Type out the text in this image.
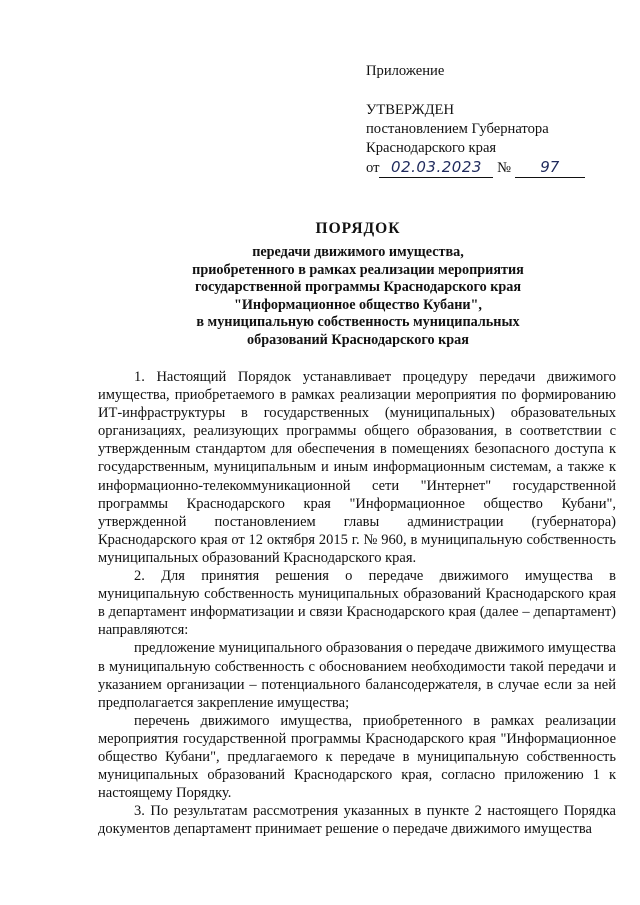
Приложение
УТВЕРЖДЕН
постановлением Губернатора
Краснодарского края
от 02.03.2023 № 97
ПОРЯДОК
передачи движимого имущества,
приобретенного в рамках реализации мероприятия
государственной программы Краснодарского края
"Информационное общество Кубани",
в муниципальную собственность муниципальных
образований Краснодарского края

1. Настоящий Порядок устанавливает процедуру передачи движимого имущества, приобретаемого в рамках реализации мероприятия по формированию ИТ-инфраструктуры в государственных (муниципальных) образовательных организациях, реализующих программы общего образования, в соответствии с утвержденным стандартом для обеспечения в помещениях безопасного доступа к государственным, муниципальным и иным информационным системам, а также к информационно-телекоммуникационной сети "Интернет" государственной программы Краснодарского края "Информационное общество Кубани", утвержденной постановлением главы администрации (губернатора) Краснодарского края от 12 октября 2015 г. № 960, в муниципальную собственность муниципальных образований Краснодарского края.

2. Для принятия решения о передаче движимого имущества в муниципальную собственность муниципальных образований Краснодарского края в департамент информатизации и связи Краснодарского края (далее – департамент) направляются:

предложение муниципального образования о передаче движимого имущества в муниципальную собственность с обоснованием необходимости такой передачи и указанием организации – потенциального балансодержателя, в случае если за ней предполагается закрепление имущества;

перечень движимого имущества, приобретенного в рамках реализации мероприятия государственной программы Краснодарского края "Информационное общество Кубани", предлагаемого к передаче в муниципальную собственность муниципальных образований Краснодарского края, согласно приложению 1 к настоящему Порядку.

3. По результатам рассмотрения указанных в пункте 2 настоящего Порядка документов департамент принимает решение о передаче движимого имущества
